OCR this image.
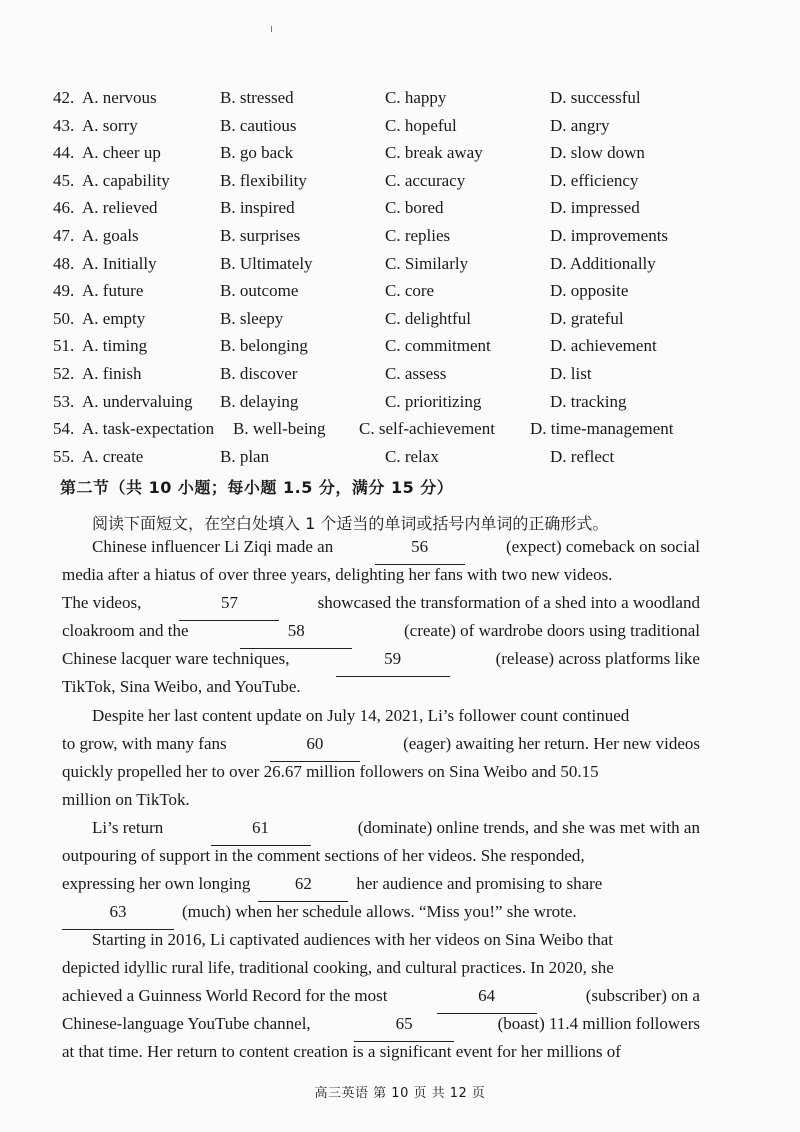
42. A. nervous	B. stressed	C. happy	D. successful
43. A. sorry	B. cautious	C. hopeful	D. angry
44. A. cheer up	B. go back	C. break away	D. slow down
45. A. capability	B. flexibility	C. accuracy	D. efficiency
46. A. relieved	B. inspired	C. bored	D. impressed
47. A. goals	B. surprises	C. replies	D. improvements
48. A. Initially	B. Ultimately	C. Similarly	D. Additionally
49. A. future	B. outcome	C. core	D. opposite
50. A. empty	B. sleepy	C. delightful	D. grateful
51. A. timing	B. belonging	C. commitment	D. achievement
52. A. finish	B. discover	C. assess	D. list
53. A. undervaluing B. delaying	C. prioritizing	D. tracking
54. A. task-expectation B. well-being C. self-achievement D. time-management
55. A. create	B. plan	C. relax	D. reflect
第二节（共 10 小题；每小题 1.5 分，满分 15 分）
阅读下面短文，在空白处填入 1 个适当的单词或括号内单词的正确形式。
Chinese influencer Li Ziqi made an	56	(expect) comeback on social
media after a hiatus of over three years, delighting her fans with two new videos.
The videos,	57	showcased the transformation of a shed into a woodland
cloakroom and the	58	(create) of wardrobe doors using traditional
Chinese lacquer ware techniques,	59	(release) across platforms like
TikTok, Sina Weibo, and YouTube.
Despite her last content update on July 14, 2021, Li’s follower count continued
to grow, with many fans	60	(eager) awaiting her return. Her new videos
quickly propelled her to over 26.67 million followers on Sina Weibo and 50.15
million on TikTok.
Li’s return	61	(dominate) online trends, and she was met with an
outpouring of support in the comment sections of her videos. She responded,
expressing her own longing	62	her audience and promising to share
63	(much) when her schedule allows. “Miss you!” she wrote.
Starting in 2016, Li captivated audiences with her videos on Sina Weibo that
depicted idyllic rural life, traditional cooking, and cultural practices. In 2020, she
achieved a Guinness World Record for the most	64	(subscriber) on a
Chinese-language YouTube channel,	65	(boast) 11.4 million followers
at that time. Her return to content creation is a significant event for her millions of
高三英语 第 10 页 共 12 页
